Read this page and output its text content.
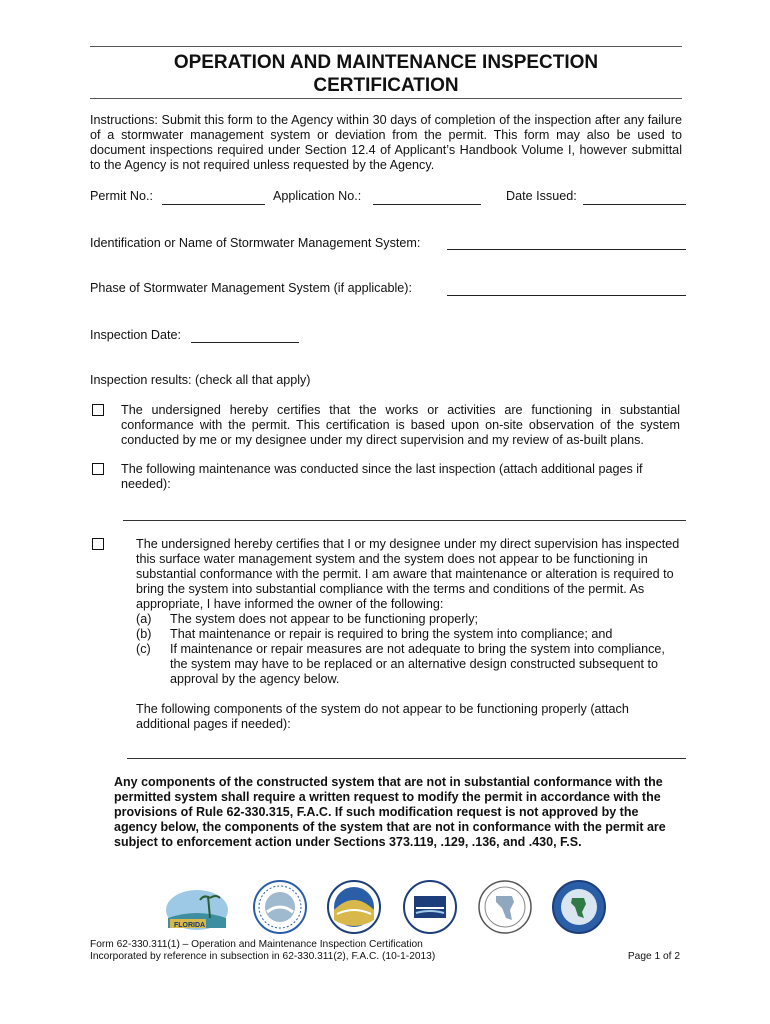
OPERATION AND MAINTENANCE INSPECTION
CERTIFICATION
Instructions: Submit this form to the Agency within 30 days of completion of the inspection after any failure of a stormwater management system or deviation from the permit. This form may also be used to document inspections required under Section 12.4 of Applicant’s Handbook Volume I, however submittal to the Agency is not required unless requested by the Agency.
Permit No.:	Application No.:	Date Issued:
Identification or Name of Stormwater Management System:
Phase of Stormwater Management System (if applicable):
Inspection Date:
Inspection results: (check all that apply)
The undersigned hereby certifies that the works or activities are functioning in substantial conformance with the permit. This certification is based upon on-site observation of the system conducted by me or my designee under my direct supervision and my review of as-built plans.
The following maintenance was conducted since the last inspection (attach additional pages if needed):
The undersigned hereby certifies that I or my designee under my direct supervision has inspected this surface water management system and the system does not appear to be functioning in substantial conformance with the permit. I am aware that maintenance or alteration is required to bring the system into substantial compliance with the terms and conditions of the permit. As appropriate, I have informed the owner of the following:
(a) The system does not appear to be functioning properly;
(b) That maintenance or repair is required to bring the system into compliance; and
(c)	If maintenance or repair measures are not adequate to bring the system into compliance, the system may have to be replaced or an alternative design constructed subsequent to approval by the agency below.
The following components of the system do not appear to be functioning properly (attach additional pages if needed):
Any components of the constructed system that are not in substantial conformance with the permitted system shall require a written request to modify the permit in accordance with the provisions of Rule 62-330.315, F.A.C. If such modification request is not approved by the agency below, the components of the system that are not in conformance with the permit are subject to enforcement action under Sections 373.119, .129, .136, and .430, F.S.
FLORIDA
Form 62-330.311(1) – Operation and Maintenance Inspection Certification
Incorporated by reference in subsection in 62-330.311(2), F.A.C. (10-1-2013)	Page 1 of 2
